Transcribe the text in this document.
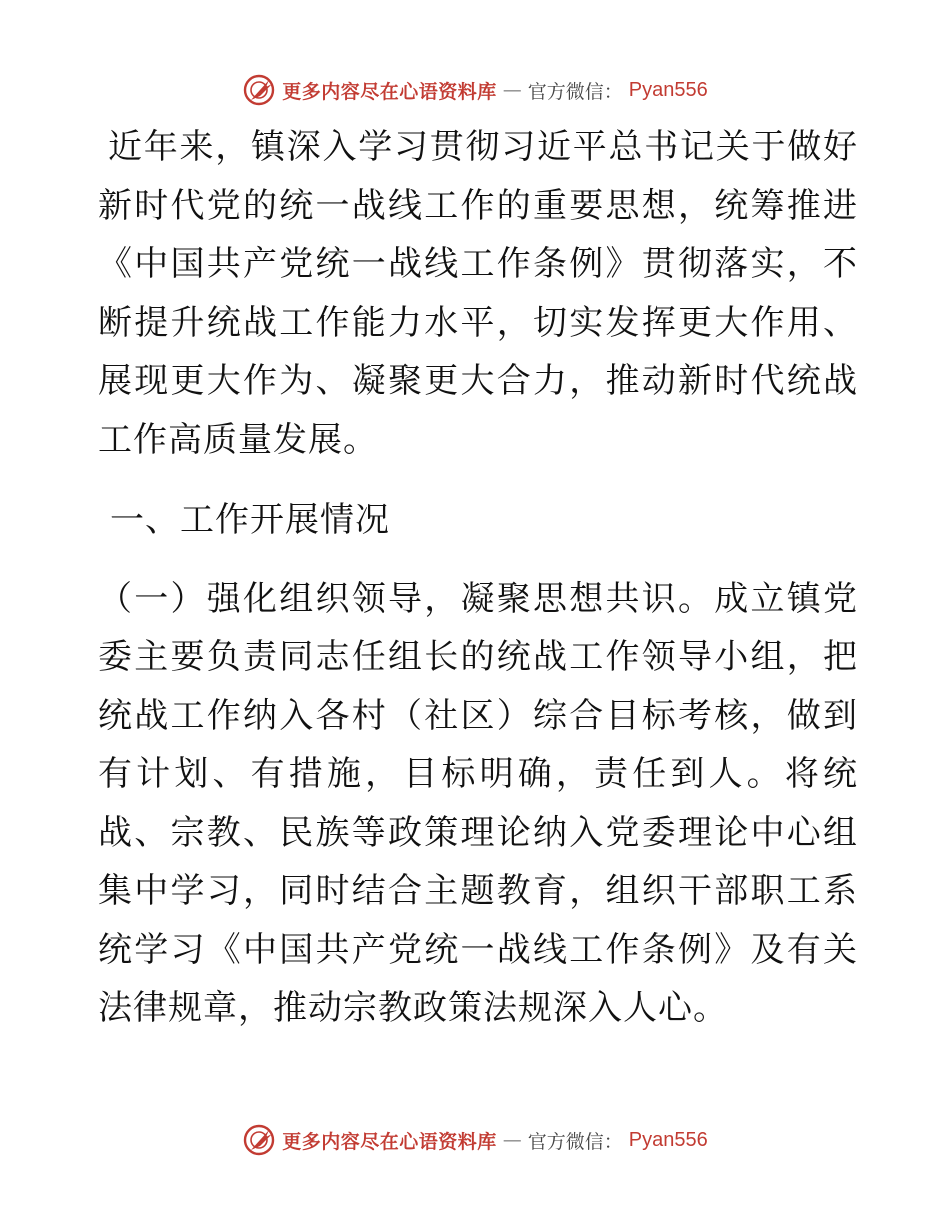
更多内容尽在心语资料库 — 官方微信： Pyan556

近年来，镇深入学习贯彻习近平总书记关于做好新时代党的统一战线工作的重要思想，统筹推进《中国共产党统一战线工作条例》贯彻落实，不断提升统战工作能力水平，切实发挥更大作用、展现更大作为、凝聚更大合力，推动新时代统战工作高质量发展。

一、工作开展情况

（一）强化组织领导，凝聚思想共识。成立镇党委主要负责同志任组长的统战工作领导小组，把统战工作纳入各村（社区）综合目标考核，做到有计划、有措施，目标明确，责任到人。将统战、宗教、民族等政策理论纳入党委理论中心组集中学习，同时结合主题教育，组织干部职工系统学习《中国共产党统一战线工作条例》及有关法律规章，推动宗教政策法规深入人心。

更多内容尽在心语资料库 — 官方微信： Pyan556
